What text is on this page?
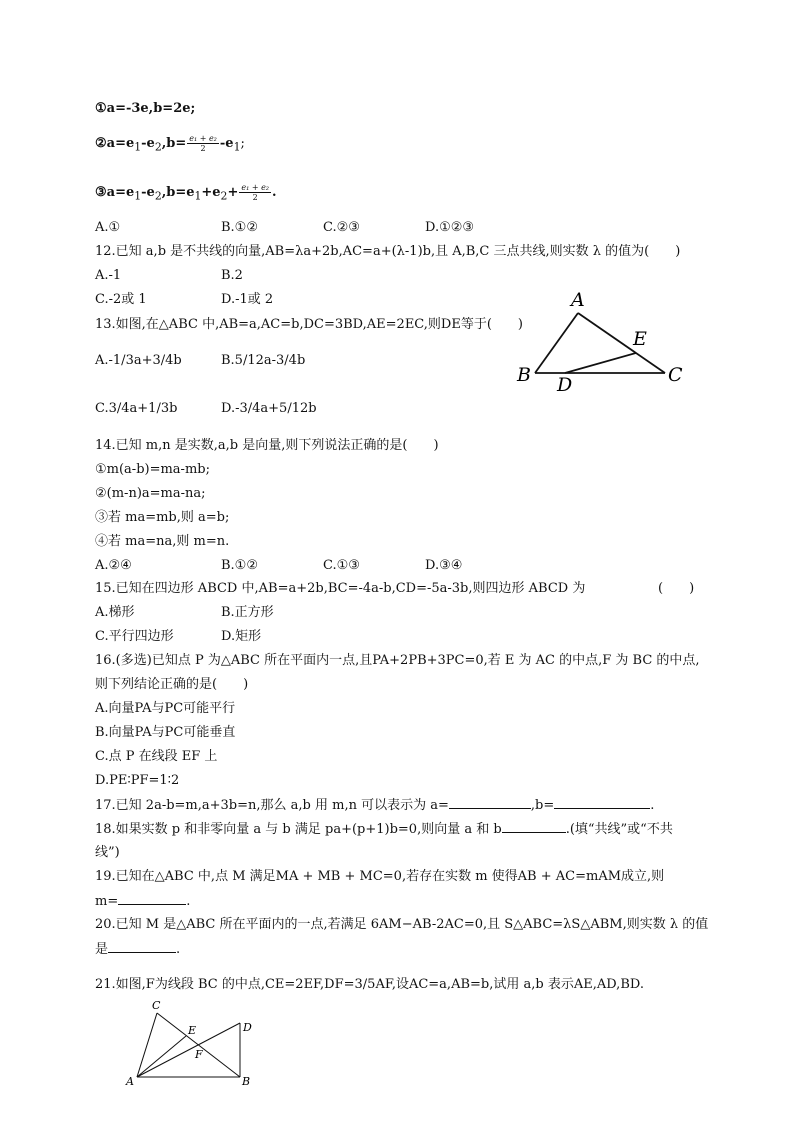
①a=-3e,b=2e;
$②a=e_1-e_2,b= \frac{\text{e₁ + e₂}}{2} -e_1$;
$③a=e_1-e_2,b=e_1+e_2+ \frac{\text{e₁ + e₂}}{2}$ .
A.①	B.①②	C.②③	D.①②③
12.已知 a,b 是不共线的向量,AB=λa+2b,AC=a+(λ-1)b,且 A,B,C 三点共线,则实数 λ 的值为(　　)
A.-1	B.2
C.-2或 1	D.-1或 2
13.如图,在△ABC 中,AB=a,AC=b,DC=3BD,AE=2EC,则DE等于(　　)
A.-1/3a+3/4b	B.5/12a-3/4b
C.3/4a+1/3b	D.-3/4a+5/12b
A
E
B D	C
14.已知 m,n 是实数,a,b 是向量,则下列说法正确的是(　　)
①m(a-b)=ma-mb;
②(m-n)a=ma-na;
③若 ma=mb,则 a=b;
④若 ma=na,则 m=n.
A.②④	B.①②	C.①③	D.③④
15.已知在四边形 ABCD 中,AB=a+2b,BC=-4a-b,CD=-5a-3b,则四边形 ABCD 为	(　　)
A.梯形	B.正方形
C.平行四边形	D.矩形
16.(多选)已知点 P 为△ABC 所在平面内一点,且PA+2PB+3PC=0,若 E 为 AC 的中点,F 为 BC 的中点,
则下列结论正确的是(　　)
A.向量PA与PC可能平行
B.向量PA与PC可能垂直
C.点 P 在线段 EF 上
D.PE∶PF=1∶2
17.已知 2a-b=m,a+3b=n,那么 a,b 用 m,n 可以表示为 a=	,b=	.
18.如果实数 p 和非零向量 a 与 b 满足 pa+(p+1)b=0,则向量 a 和 b	.(填“共线”或“不共
线”)
19.已知在△ABC 中,点 M 满足MA + MB + MC=0,若存在实数 m 使得AB + AC=mAM成立,则
m=	.
20.已知 M 是△ABC 所在平面内的一点,若满足 6AM−AB-2AC=0,且 S△ABC=λS△ABM,则实数 λ 的值
是	.
21.如图,F为线段 BC 的中点,CE=2EF,DF=3/5AF,设AC=a,AB=b,试用 a,b 表示AE,AD,BD.
C
E	D
F
A	B
